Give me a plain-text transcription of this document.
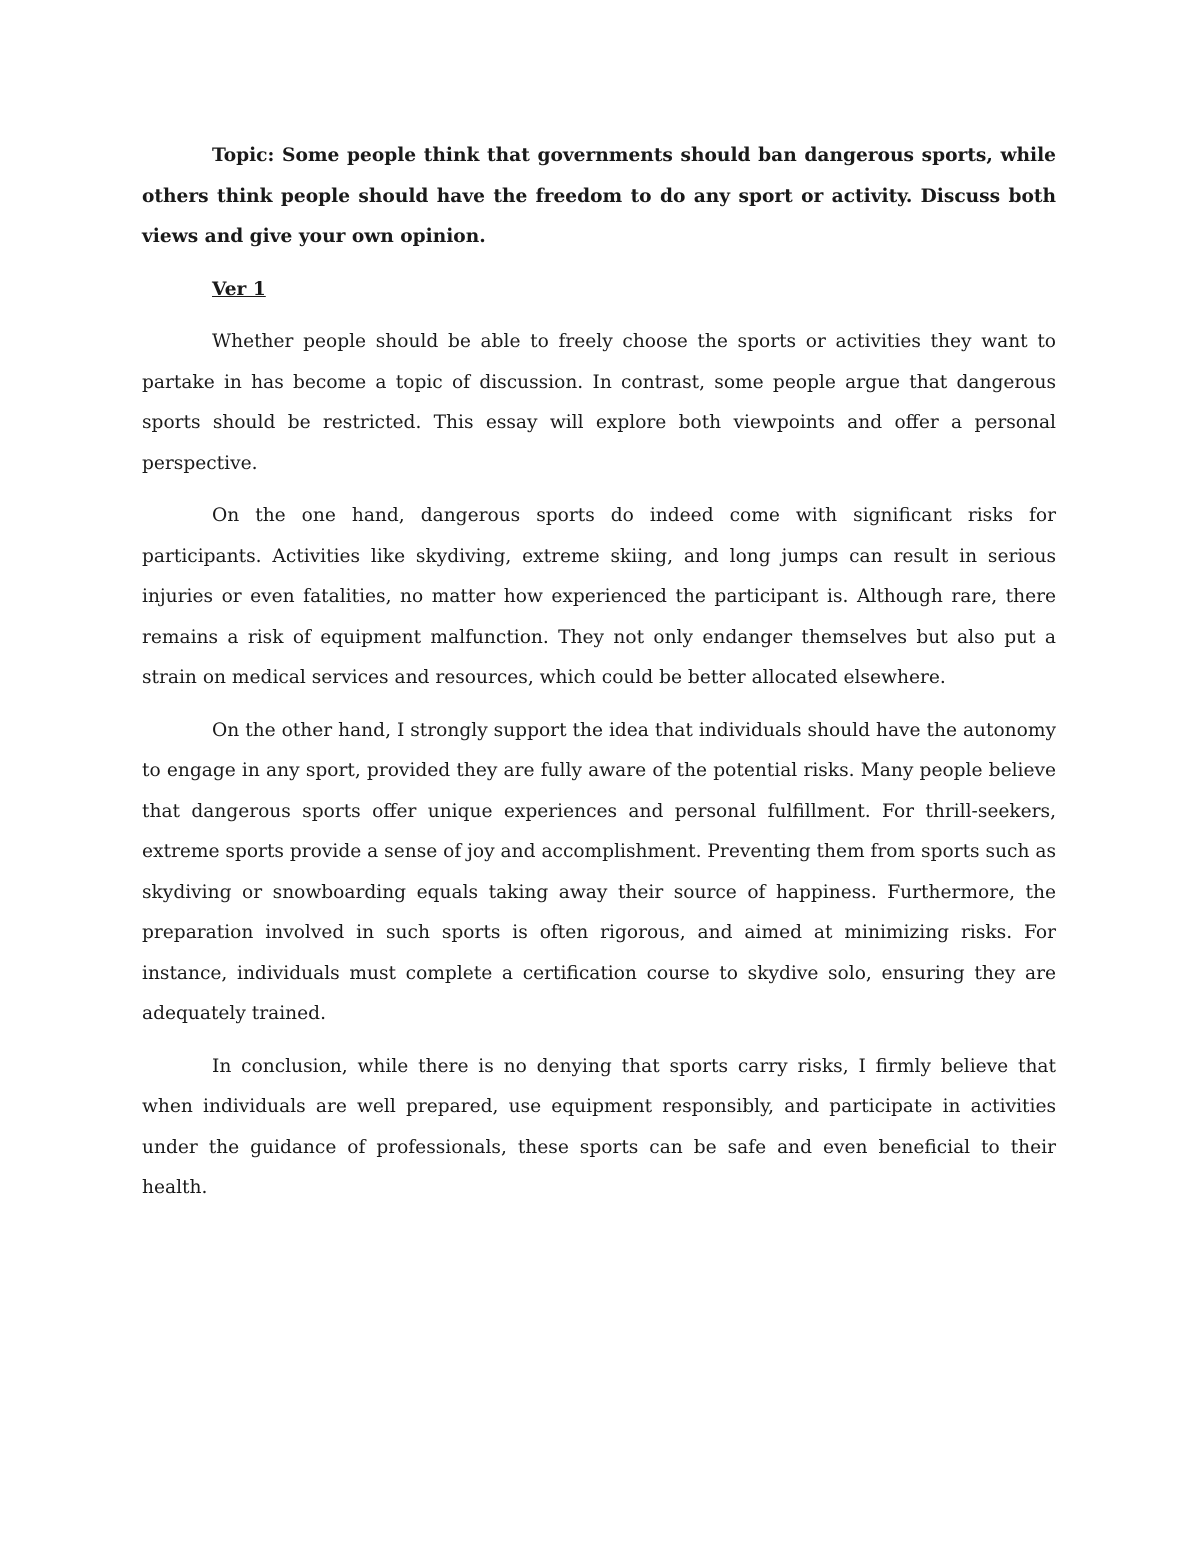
Topic: Some people think that governments should ban dangerous sports, while others think people should have the freedom to do any sport or activity. Discuss both views and give your own opinion.

Ver 1

Whether people should be able to freely choose the sports or activities they want to partake in has become a topic of discussion. In contrast, some people argue that dangerous sports should be restricted. This essay will explore both viewpoints and offer a personal perspective.

On the one hand, dangerous sports do indeed come with significant risks for participants. Activities like skydiving, extreme skiing, and long jumps can result in serious injuries or even fatalities, no matter how experienced the participant is. Although rare, there remains a risk of equipment malfunction. They not only endanger themselves but also put a strain on medical services and resources, which could be better allocated elsewhere.

On the other hand, I strongly support the idea that individuals should have the autonomy to engage in any sport, provided they are fully aware of the potential risks. Many people believe that dangerous sports offer unique experiences and personal fulfillment. For thrill-seekers, extreme sports provide a sense of joy and accomplishment. Preventing them from sports such as skydiving or snowboarding equals taking away their source of happiness. Furthermore, the preparation involved in such sports is often rigorous, and aimed at minimizing risks. For instance, individuals must complete a certification course to skydive solo, ensuring they are adequately trained.

In conclusion, while there is no denying that sports carry risks, I firmly believe that when individuals are well prepared, use equipment responsibly, and participate in activities under the guidance of professionals, these sports can be safe and even beneficial to their health.
